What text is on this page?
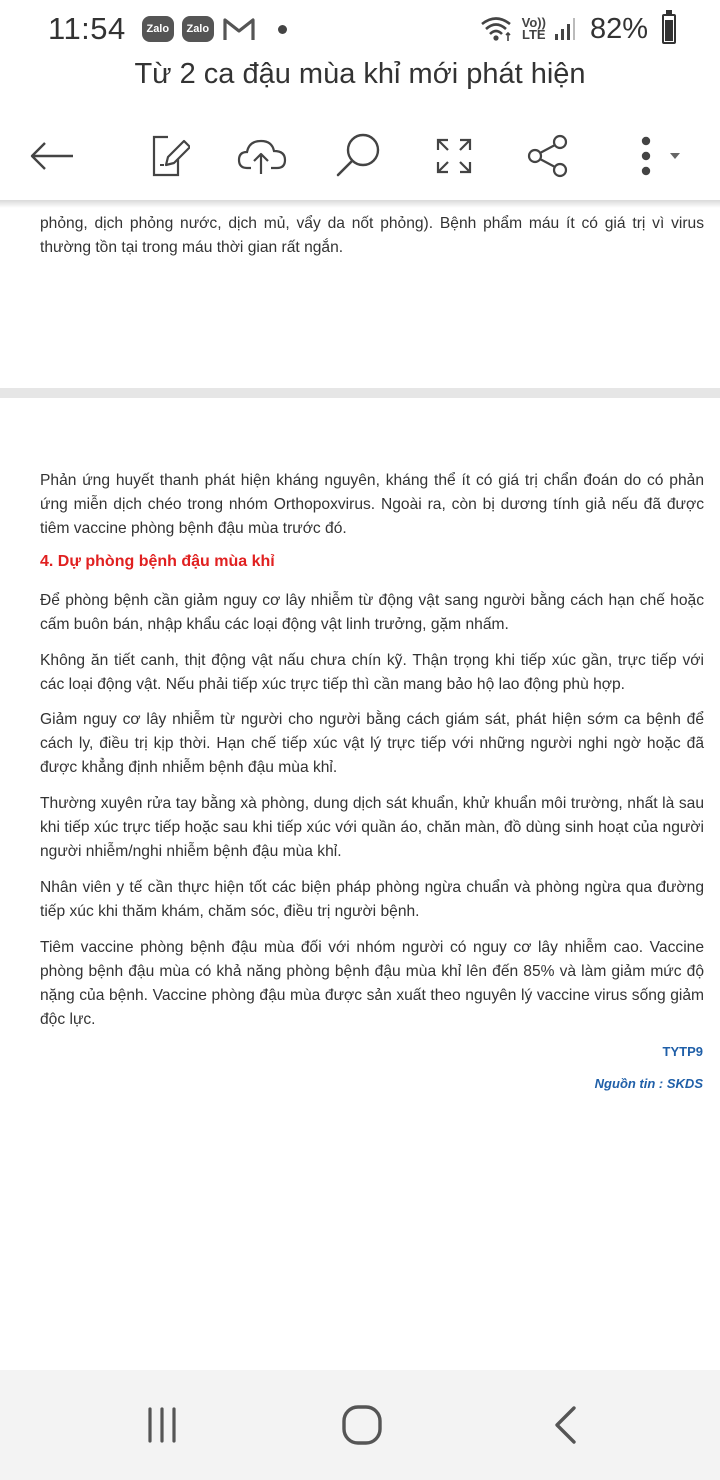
11:54	Zalo	Zalo	Vo))
LTE 82%
Từ 2 ca đậu mùa khỉ mới phát hiện
phỏng, dịch phỏng nước, dịch mủ, vẩy da nốt phỏng). Bệnh phẩm máu ít có giá trị vì virus thường tồn tại trong máu thời gian rất ngắn.
Phản ứng huyết thanh phát hiện kháng nguyên, kháng thể ít có giá trị chẩn đoán do có phản ứng miễn dịch chéo trong nhóm Orthopoxvirus. Ngoài ra, còn bị dương tính giả nếu đã được tiêm vaccine phòng bệnh đậu mùa trước đó.
4. Dự phòng bệnh đậu mùa khỉ
Để phòng bệnh cần giảm nguy cơ lây nhiễm từ động vật sang người bằng cách hạn chế hoặc cấm buôn bán, nhập khẩu các loại động vật linh trưởng, gặm nhấm.
Không ăn tiết canh, thịt động vật nấu chưa chín kỹ. Thận trọng khi tiếp xúc gần, trực tiếp với các loại động vật. Nếu phải tiếp xúc trực tiếp thì cần mang bảo hộ lao động phù hợp.
Giảm nguy cơ lây nhiễm từ người cho người bằng cách giám sát, phát hiện sớm ca bệnh để cách ly, điều trị kịp thời. Hạn chế tiếp xúc vật lý trực tiếp với những người nghi ngờ hoặc đã được khẳng định nhiễm bệnh đậu mùa khỉ.
Thường xuyên rửa tay bằng xà phòng, dung dịch sát khuẩn, khử khuẩn môi trường, nhất là sau khi tiếp xúc trực tiếp hoặc sau khi tiếp xúc với quần áo, chăn màn, đồ dùng sinh hoạt của người người nhiễm/nghi nhiễm bệnh đậu mùa khỉ.
Nhân viên y tế cần thực hiện tốt các biện pháp phòng ngừa chuẩn và phòng ngừa qua đường tiếp xúc khi thăm khám, chăm sóc, điều trị người bệnh.
Tiêm vaccine phòng bệnh đậu mùa đối với nhóm người có nguy cơ lây nhiễm cao. Vaccine phòng bệnh đậu mùa có khả năng phòng bệnh đậu mùa khỉ lên đến 85% và làm giảm mức độ nặng của bệnh. Vaccine phòng đậu mùa được sản xuất theo nguyên lý vaccine virus sống giảm độc lực.
TYTP9
Nguồn tin : SKDS
